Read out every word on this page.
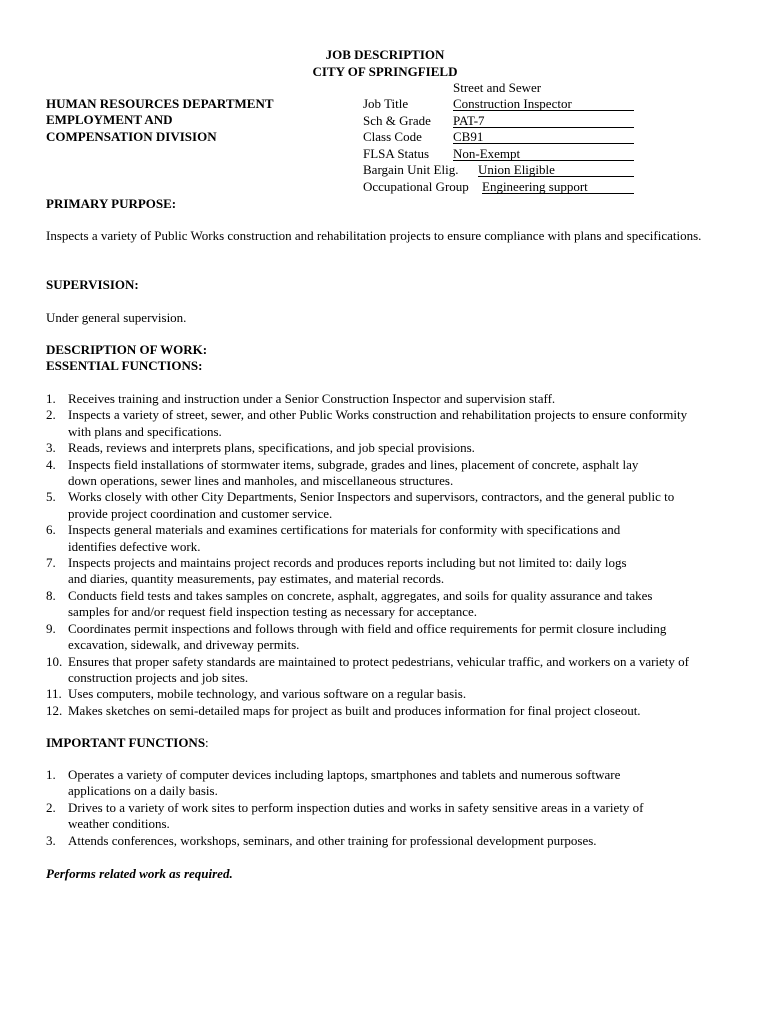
JOB DESCRIPTION
CITY OF SPRINGFIELD
Street and Sewer
HUMAN RESOURCES DEPARTMENT
EMPLOYMENT AND
COMPENSATION DIVISION
Job Title	Construction Inspector
Sch & Grade PAT-7
Class Code CB91
FLSA Status Non-Exempt
Bargain Unit Elig. Union Eligible
Occupational Group Engineering support
PRIMARY PURPOSE:
Inspects a variety of Public Works construction and rehabilitation projects to ensure compliance with plans and specifications.
SUPERVISION:
Under general supervision.
DESCRIPTION OF WORK:
ESSENTIAL FUNCTIONS:
1. Receives training and instruction under a Senior Construction Inspector and supervision staff.
2. Inspects a variety of street, sewer, and other Public Works construction and rehabilitation projects to ensure conformity
with plans and specifications.
3. Reads, reviews and interprets plans, specifications, and job special provisions.
4. Inspects field installations of stormwater items, subgrade, grades and lines, placement of concrete, asphalt lay
down operations, sewer lines and manholes, and miscellaneous structures.
5. Works closely with other City Departments, Senior Inspectors and supervisors, contractors, and the general public to
provide project coordination and customer service.
6. Inspects general materials and examines certifications for materials for conformity with specifications and
identifies defective work.
7. Inspects projects and maintains project records and produces reports including but not limited to: daily logs
and diaries, quantity measurements, pay estimates, and material records.
8. Conducts field tests and takes samples on concrete, asphalt, aggregates, and soils for quality assurance and takes
samples for and/or request field inspection testing as necessary for acceptance.
9. Coordinates permit inspections and follows through with field and office requirements for permit closure including
excavation, sidewalk, and driveway permits.
10. Ensures that proper safety standards are maintained to protect pedestrians, vehicular traffic, and workers on a variety of
construction projects and job sites.
11. Uses computers, mobile technology, and various software on a regular basis.
12. Makes sketches on semi-detailed maps for project as built and produces information for final project closeout.
IMPORTANT FUNCTIONS:
1. Operates a variety of computer devices including laptops, smartphones and tablets and numerous software
applications on a daily basis.
2. Drives to a variety of work sites to perform inspection duties and works in safety sensitive areas in a variety of
weather conditions.
3. Attends conferences, workshops, seminars, and other training for professional development purposes.
Performs related work as required.
